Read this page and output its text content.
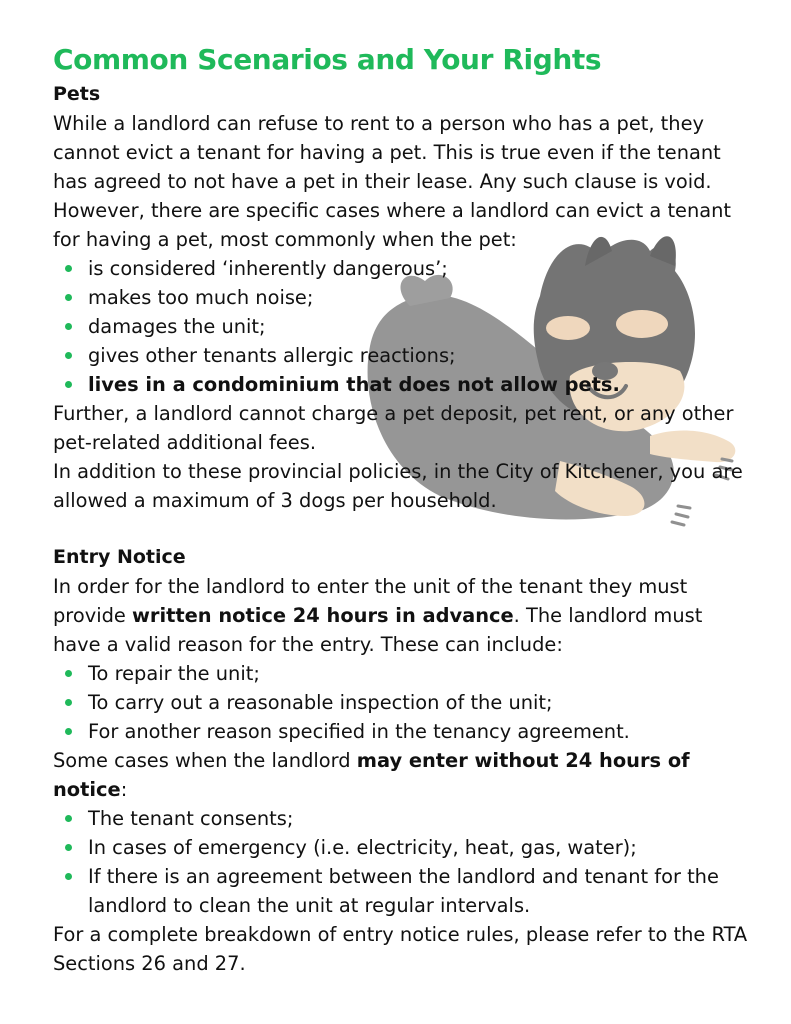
Common Scenarios and Your Rights
Pets

While a landlord can refuse to rent to a person who has a pet, they cannot evict a tenant for having a pet. This is true even if the tenant has agreed to not have a pet in their lease. Any such clause is void. However, there are specific cases where a landlord can evict a tenant for having a pet, most commonly when the pet:

is considered ‘inherently dangerous’;
makes too much noise;
damages the unit;
gives other tenants allergic reactions;
lives in a condominium that does not allow pets.

Further, a landlord cannot charge a pet deposit, pet rent, or any other pet-related additional fees.

In addition to these provincial policies, in the City of Kitchener, you are allowed a maximum of 3 dogs per household.

Entry Notice

In order for the landlord to enter the unit of the tenant they must provide written notice 24 hours in advance. The landlord must have a valid reason for the entry. These can include:

To repair the unit;
To carry out a reasonable inspection of the unit;
For another reason specified in the tenancy agreement.

Some cases when the landlord may enter without 24 hours of notice:

The tenant consents;
In cases of emergency (i.e. electricity, heat, gas, water);
If there is an agreement between the landlord and tenant for the landlord to clean the unit at regular intervals.

For a complete breakdown of entry notice rules, please refer to the RTA Sections 26 and 27.
